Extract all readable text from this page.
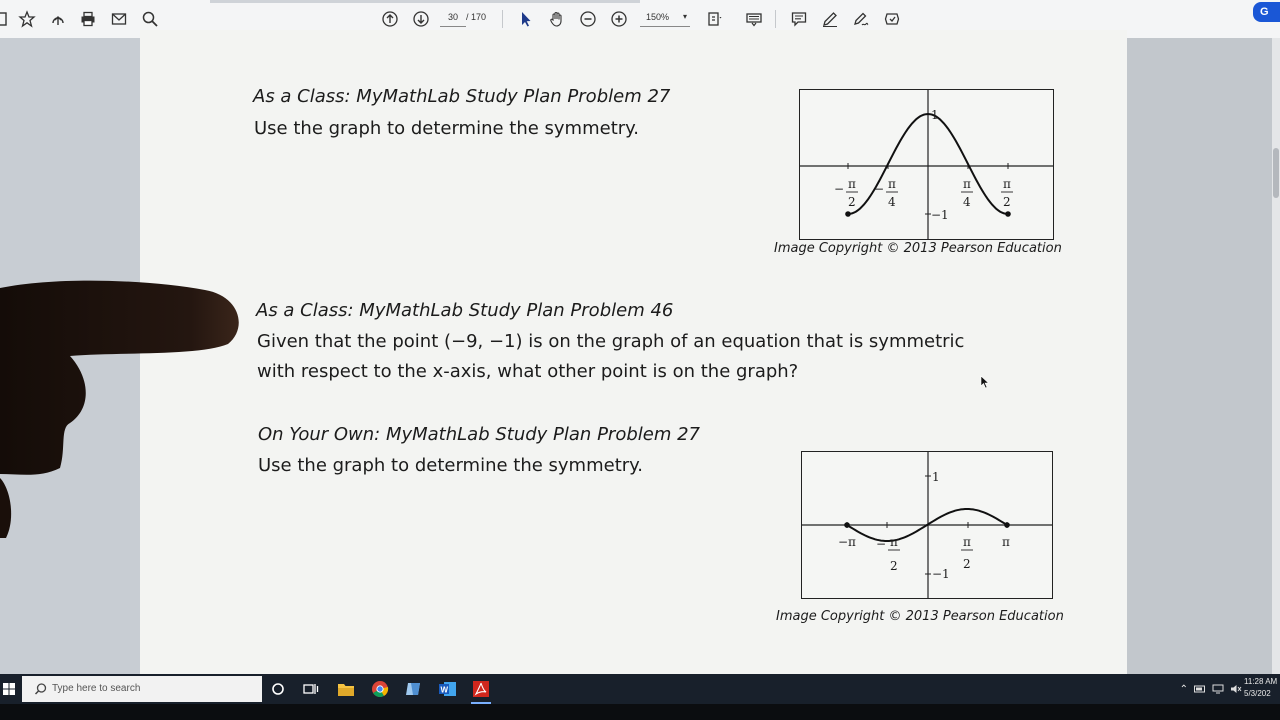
30 / 170	150% ▾	G
As a Class: MyMathLab Study Plan Problem 27
Use the graph to determine the symmetry.
1
−1
− π
2
− π
4
π
4
π
2
Image Copyright © 2013 Pearson Education
As a Class: MyMathLab Study Plan Problem 46
Given that the point (−9, −1) is on the graph of an equation that is symmetric
with respect to the x-axis, what other point is on the graph?
On Your Own: MyMathLab Study Plan Problem 27
Use the graph to determine the symmetry.
1
−1
−π − π
2
π
2
π
Image Copyright © 2013 Pearson Education
Type here to search	W	⌃
11:28 AM
5/3/202
